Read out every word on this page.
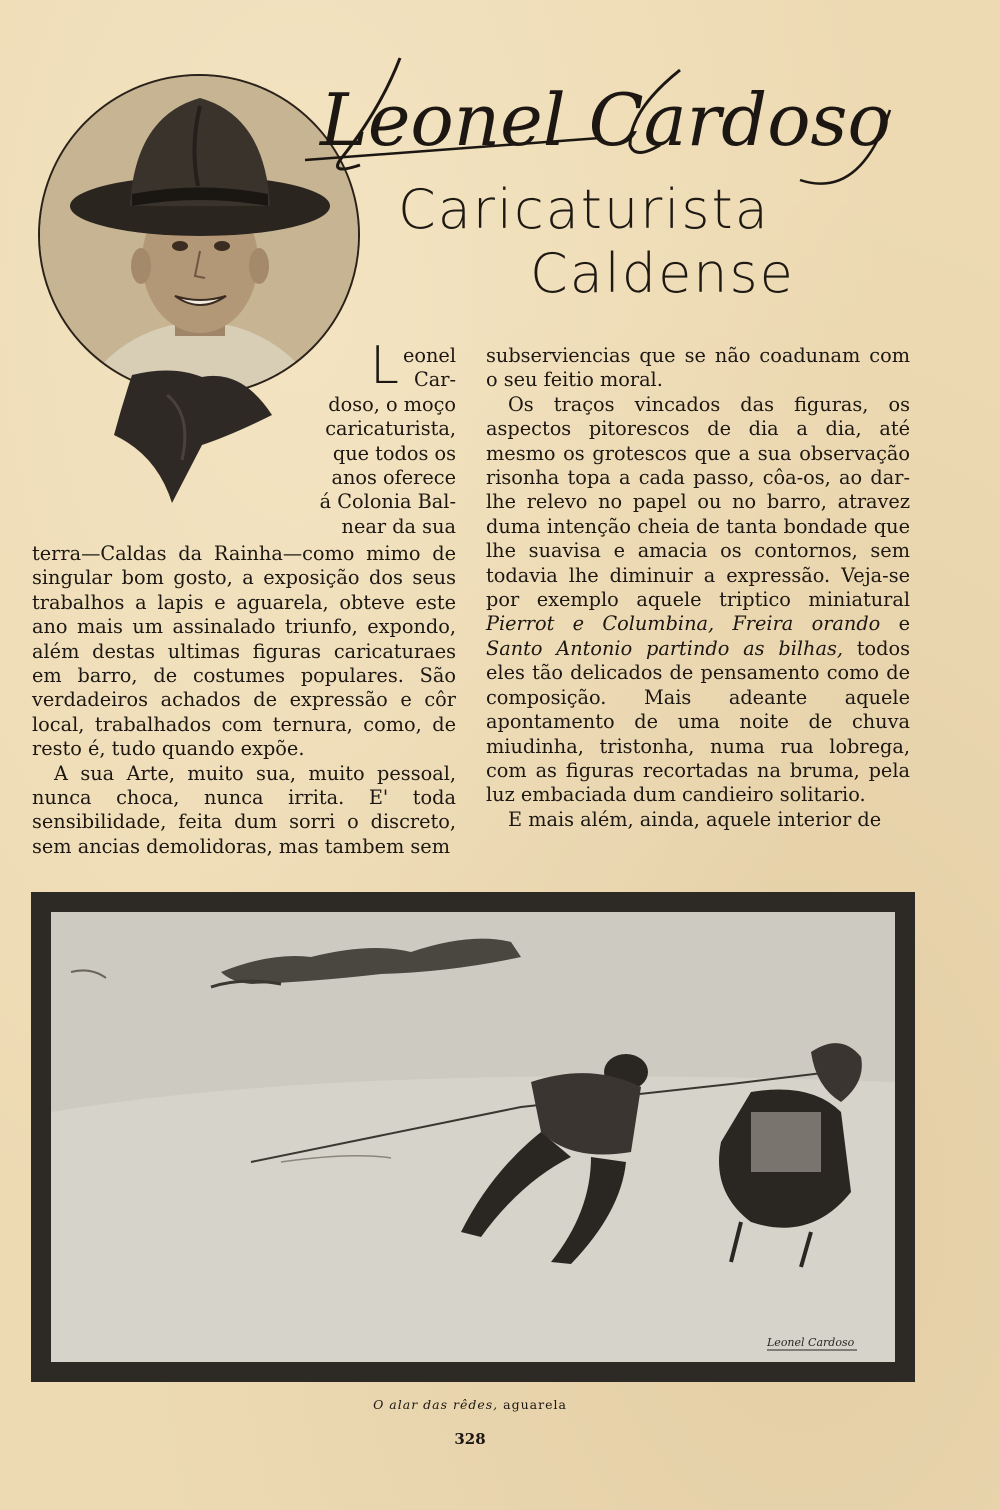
Leonel Cardoso
Caricaturista
Caldense
L eonel
Car-
doso, o moço
caricaturista,
que todos os
anos oferece
á Colonia Bal-
near da sua

terra—Caldas da Rainha—como mimo de singular bom gosto, a exposição dos seus trabalhos a lapis e aguarela, obteve este ano mais um assinalado triunfo, expondo, além destas ultimas figuras caricaturaes em barro, de costumes populares. São verdadeiros achados de expressão e côr local, trabalhados com ternura, como, de resto é, tudo quando expõe.

A sua Arte, muito sua, muito pessoal, nunca choca, nunca irrita. E' toda sensibilidade, feita dum sorri o discreto, sem ancias demolidoras, mas tambem sem

subserviencias que se não coadunam com o seu feitio moral.

Os traços vincados das figuras, os aspectos pitorescos de dia a dia, até mesmo os grotescos que a sua observação risonha topa a cada passo, côa-os, ao dar-lhe relevo no papel ou no barro, atravez duma intenção cheia de tanta bondade que lhe suavisa e amacia os contornos, sem todavia lhe diminuir a expressão. Veja-se por exemplo aquele triptico miniatural Pierrot e Columbina, Freira orando e Santo Antonio partindo as bilhas, todos eles tão delicados de pensamento como de composição. Mais adeante aquele apontamento de uma noite de chuva miudinha, tristonha, numa rua lobrega, com as figuras recortadas na bruma, pela luz embaciada dum candieiro solitario.

E mais além, ainda, aquele interior de

Leonel Cardoso
O alar das rêdes, aguarela
328
